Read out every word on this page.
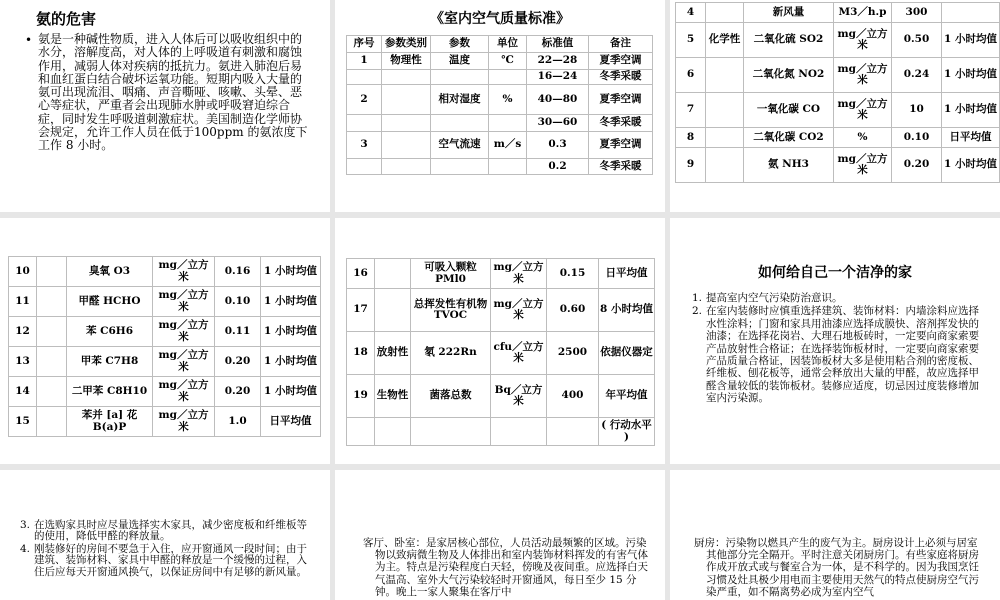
氨的危害
• 氨是一种碱性物质，进入人体后可以吸收组织中的水分，溶解度高，对人体的上呼吸道有刺激和腐蚀作用，减弱人体对疾病的抵抗力。氨进入肺泡后易和血红蛋白结合破坏运氧功能。短期内吸入大量的氨可出现流泪、咽痛、声音嘶哑、咳嗽、头晕、恶心等症状，严重者会出现肺水肿或呼吸窘迫综合症，同时发生呼吸道刺激症状。美国制造化学师协会规定，允许工作人员在低于100ppm 的氨浓度下工作 8 小时。
《室内空气质量标准》
序号	参数类别	参数	单位	标准值	备注
1	物理性	温度	℃	22—28	夏季空调
				16—24	冬季采暖
2		相对湿度	%	40—80	夏季空调
				30—60	冬季采暖
3		空气流速	m／s	0.3	夏季空调
				0.2	冬季采暖
4		新风量	M3／h.p	300	
5	化学性	二氧化硫 SO2	mg／立方米	0.50	1 小时均值
6		二氧化氮 NO2	mg／立方米	0.24	1 小时均值
7		一氧化碳 CO	mg／立方米	10	1 小时均值
8		二氧化碳 CO2	%	0.10	日平均值
9		氨 NH3	mg／立方米	0.20	1 小时均值
10		臭氧 O3	mg／立方米	0.16	1 小时均值
11		甲醛 HCHO	mg／立方米	0.10	1 小时均值
12		苯 C6H6	mg／立方米	0.11	1 小时均值
13		甲苯 C7H8	mg／立方米	0.20	1 小时均值
14		二甲苯 C8H10	mg／立方米	0.20	1 小时均值
15		苯并 [a] 花 B(a)P	mg／立方米	1.0	日平均值
16		可吸入颗粒 PMl0	mg／立方米	0.15	日平均值
17		总挥发性有机物 TVOC	mg／立方米	0.60	8 小时均值
18	放射性	氡 222Rn	cfu／立方米	2500	依据仪器定
19	生物性	菌落总数	Bq／立方米	400	年平均值
					( 行动水平 )
如何给自己一个洁净的家
1. 提高室内空气污染防治意识。
2. 在室内装修时应慎重选择建筑、装饰材料：内墙涂料应选择水性涂料；门窗和家具用油漆应选择成膜快、溶剂挥发快的油漆；在选择花岗岩、大理石地板砖时，一定要向商家索要产品放射性合格证；在选择装饰板材时，一定要向商家索要产品质量合格证，因装饰板材大多是使用粘合剂的密度板、纤维板、刨花板等，通常会释放出大量的甲醛，故应选择甲醛含量较低的装饰板材。装修应适度，切忌因过度装修增加室内污染源。
3. 在选购家具时应尽量选择实木家具，减少密度板和纤维板等的使用，降低甲醛的释放量。
4. 刚装修好的房间不要急于入住，应开窗通风一段时间；由于建筑、装饰材料、家具中甲醛的释放是一个缓慢的过程，入住后应每天开窗通风换气，以保证房间中有足够的新风量。
客厅、卧室：是家居核心部位，人员活动最频繁的区域。污染物以致病微生物及人体排出和室内装饰材料挥发的有害气体为主。特点是污染程度白天轻，傍晚及夜间重。应选择白天气温高、室外大气污染较轻时开窗通风，每日至少 15 分钟。晚上一家人聚集在客厅中
厨房：污染物以燃具产生的废气为主。厨房设计上必须与居室其他部分完全隔开。平时注意关闭厨房门。有些家庭将厨房作成开放式或与餐室合为一体，是不科学的。因为我国烹饪习惯及灶具极少用电而主要使用天然气的特点使厨房空气污染严重，如不隔离势必成为室内空气
